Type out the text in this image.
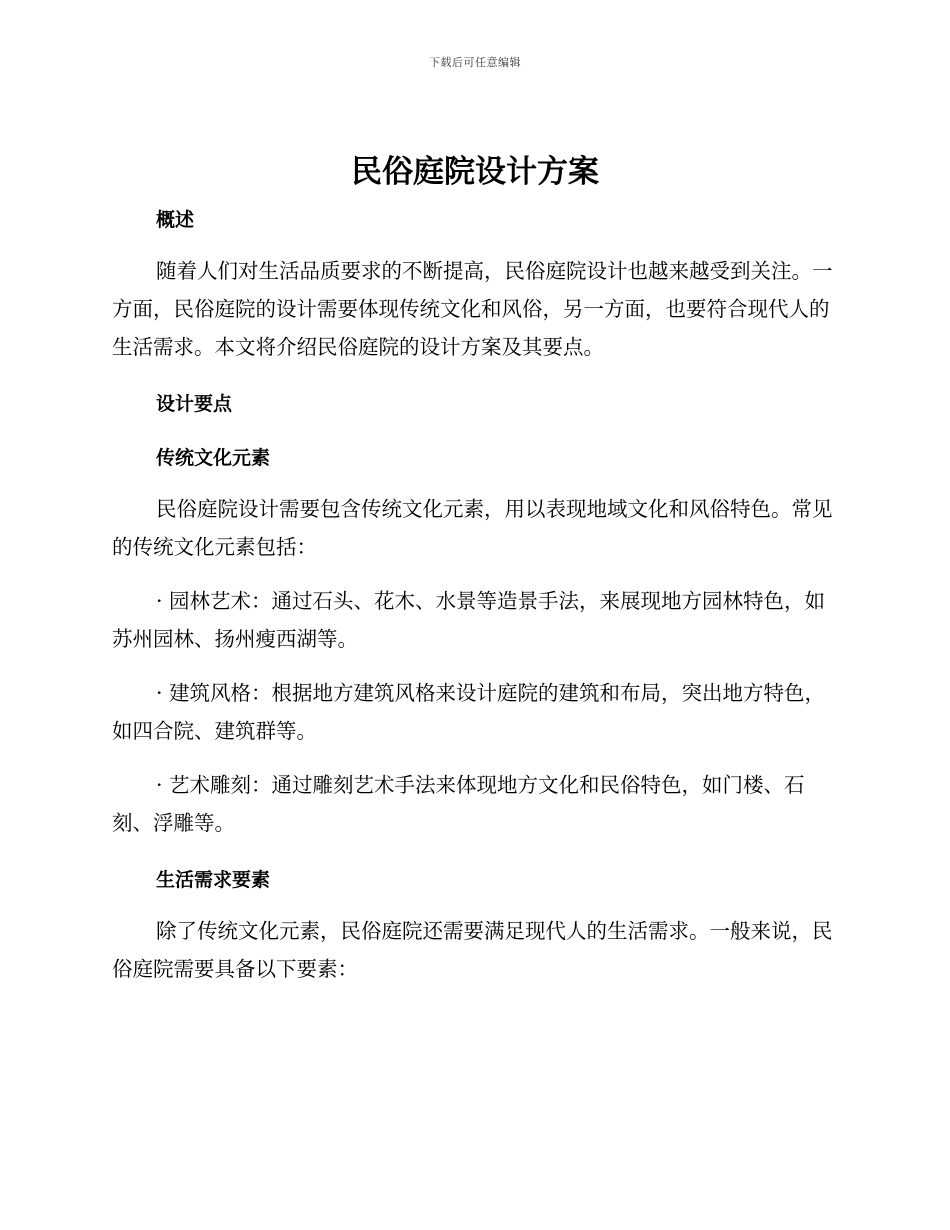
下载后可任意编辑
民俗庭院设计方案
概述

随着人们对生活品质要求的不断提高，民俗庭院设计也越来越受到关注。一方面，民俗庭院的设计需要体现传统文化和风俗，另一方面，也要符合现代人的生活需求。本文将介绍民俗庭院的设计方案及其要点。

设计要点
传统文化元素

民俗庭院设计需要包含传统文化元素，用以表现地域文化和风俗特色。常见的传统文化元素包括：

· 园林艺术：通过石头、花木、水景等造景手法，来展现地方园林特色，如苏州园林、扬州瘦西湖等。

· 建筑风格：根据地方建筑风格来设计庭院的建筑和布局，突出地方特色，如四合院、建筑群等。

· 艺术雕刻：通过雕刻艺术手法来体现地方文化和民俗特色，如门楼、石刻、浮雕等。

生活需求要素

除了传统文化元素，民俗庭院还需要满足现代人的生活需求。一般来说，民俗庭院需要具备以下要素：
